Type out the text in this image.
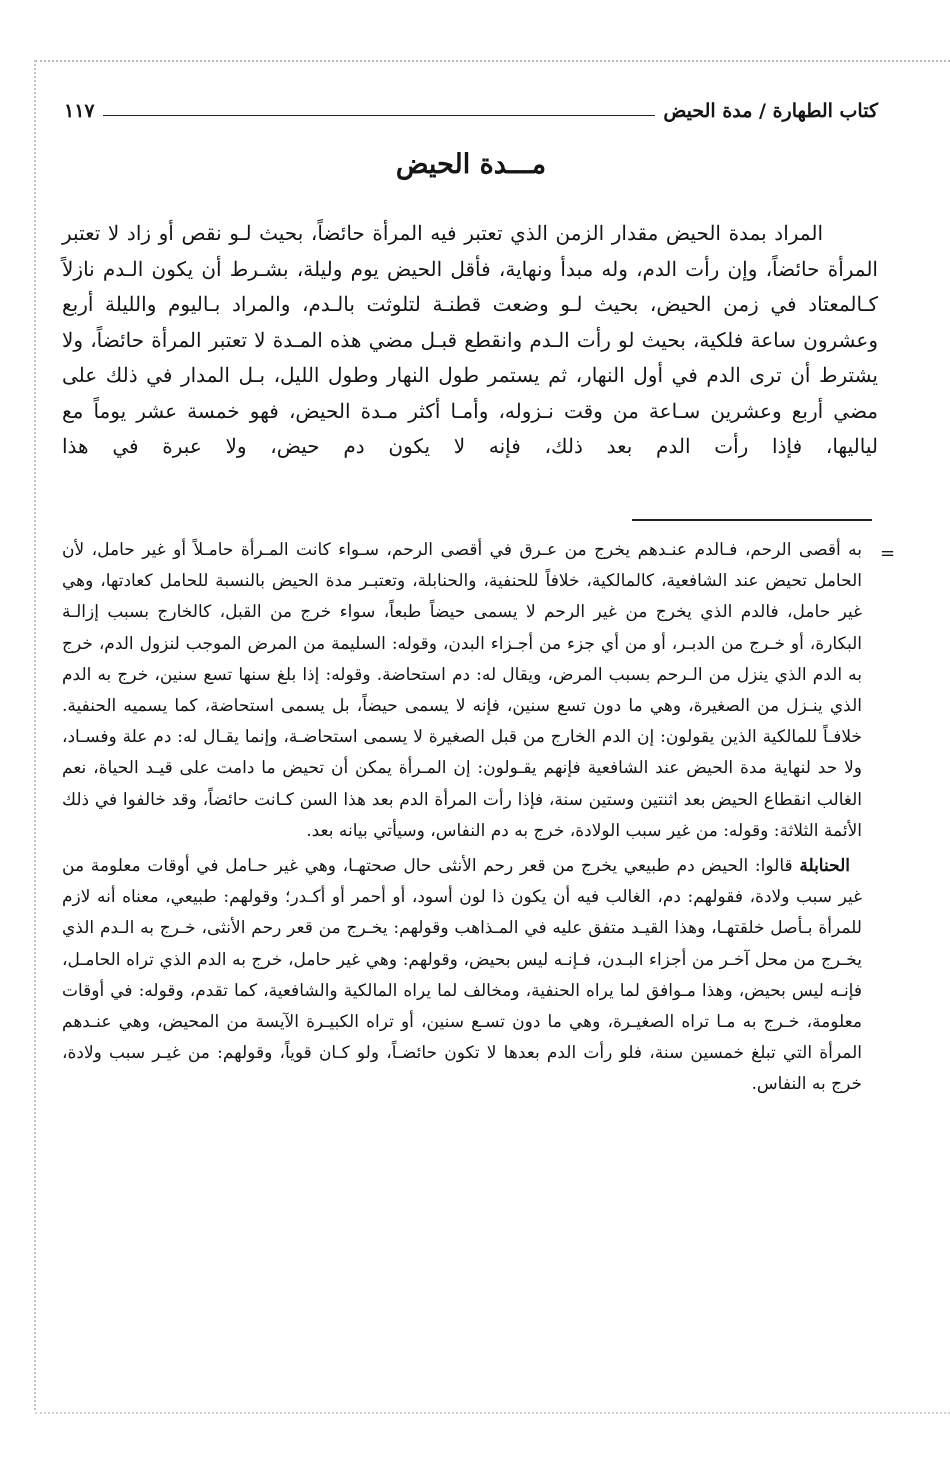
كتاب الطهارة / مدة الحيض
١١٧
مـــدة الحيض

المراد بمدة الحيض مقدار الزمن الذي تعتبر فيه المرأة حائضاً، بحيث لـو نقص أو زاد لا تعتبر المرأة حائضاً، وإن رأت الدم، وله مبدأ ونهاية، فأقل الحيض يوم وليلة، بشـرط أن يكون الـدم نازلاً كـالمعتاد في زمن الحيض، بحيث لـو وضعت قطنـة لتلوثت بالـدم، والمراد بـاليوم والليلة أربع وعشرون ساعة فلكية، بحيث لو رأت الـدم وانقطع قبـل مضي هذه المـدة لا تعتبر المرأة حائضاً، ولا يشترط أن ترى الدم في أول النهار، ثم يستمر طول النهار وطول الليل، بـل المدار في ذلك على مضي أربع وعشرين سـاعة من وقت نـزوله، وأمـا أكثر مـدة الحيض، فهو خمسة عشر يوماً مع لياليها، فإذا رأت الدم بعد ذلك، فإنه لا يكون دم حيض، ولا عبرة في هذا

=

به أقصى الرحم، فـالدم عنـدهم يخرج من عـرق في أقصى الرحم، سـواء كانت المـرأة حامـلاً أو غير حامل، لأن الحامل تحيض عند الشافعية، كالمالكية، خلافاً للحنفية، والحنابلة، وتعتبـر مدة الحيض بالنسبة للحامل كعادتها، وهي غير حامل، فالدم الذي يخرج من غير الرحم لا يسمى حيضاً طبعاً، سواء خرج من القبل، كالخارج بسبب إزالـة البكارة، أو خـرج من الدبـر، أو من أي جزء من أجـزاء البدن، وقوله: السليمة من المرض الموجب لنزول الدم، خرج به الدم الذي ينزل من الـرحم بسبب المرض، ويقال له: دم استحاضة. وقوله: إذا بلغ سنها تسع سنين، خرج به الدم الذي ينـزل من الصغيرة، وهي ما دون تسع سنين، فإنه لا يسمى حيضاً، بل يسمى استحاضة، كما يسميه الحنفية. خلافـاً للمالكية الذين يقولون: إن الدم الخارج من قبل الصغيرة لا يسمى استحاضـة، وإنما يقـال له: دم علة وفسـاد، ولا حد لنهاية مدة الحيض عند الشافعية فإنهم يقـولون: إن المـرأة يمكن أن تحيض ما دامت على قيـد الحياة، نعم الغالب انقطاع الحيض بعد اثنتين وستين سنة، فإذا رأت المرأة الدم بعد هذا السن كـانت حائضاً، وقد خالفوا في ذلك الأئمة الثلاثة: وقوله: من غير سبب الولادة، خرج به دم النفاس، وسيأتي بيانه بعد.

الحنابلة قالوا: الحيض دم طبيعي يخرج من قعر رحم الأنثى حال صحتهـا، وهي غير حـامل في أوقات معلومة من غير سبب ولادة، فقولهم: دم، الغالب فيه أن يكون ذا لون أسود، أو أحمر أو أكـدر؛ وقولهم: طبيعي، معناه أنه لازم للمرأة بـأصل خلقتهـا، وهذا القيـد متفق عليه في المـذاهب وقولهم: يخـرج من قعر رحم الأنثى، خـرج به الـدم الذي يخـرج من محل آخـر من أجزاء البـدن، فـإنـه ليس بحيض، وقولهم: وهي غير حامل، خرج به الدم الذي تراه الحامـل، فإنـه ليس بحيض، وهذا مـوافق لما يراه الحنفية، ومخالف لما يراه المالكية والشافعية، كما تقدم، وقوله: في أوقات معلومة، خـرج به مـا تراه الصغيـرة، وهي ما دون تسـع سنين، أو تراه الكبيـرة الآيسة من المحيض، وهي عنـدهم المرأة التي تبلغ خمسين سنة، فلو رأت الدم بعدها لا تكون حائضـاً، ولو كـان قوياً، وقولهم: من غيـر سبب ولادة، خرج به النفاس.
